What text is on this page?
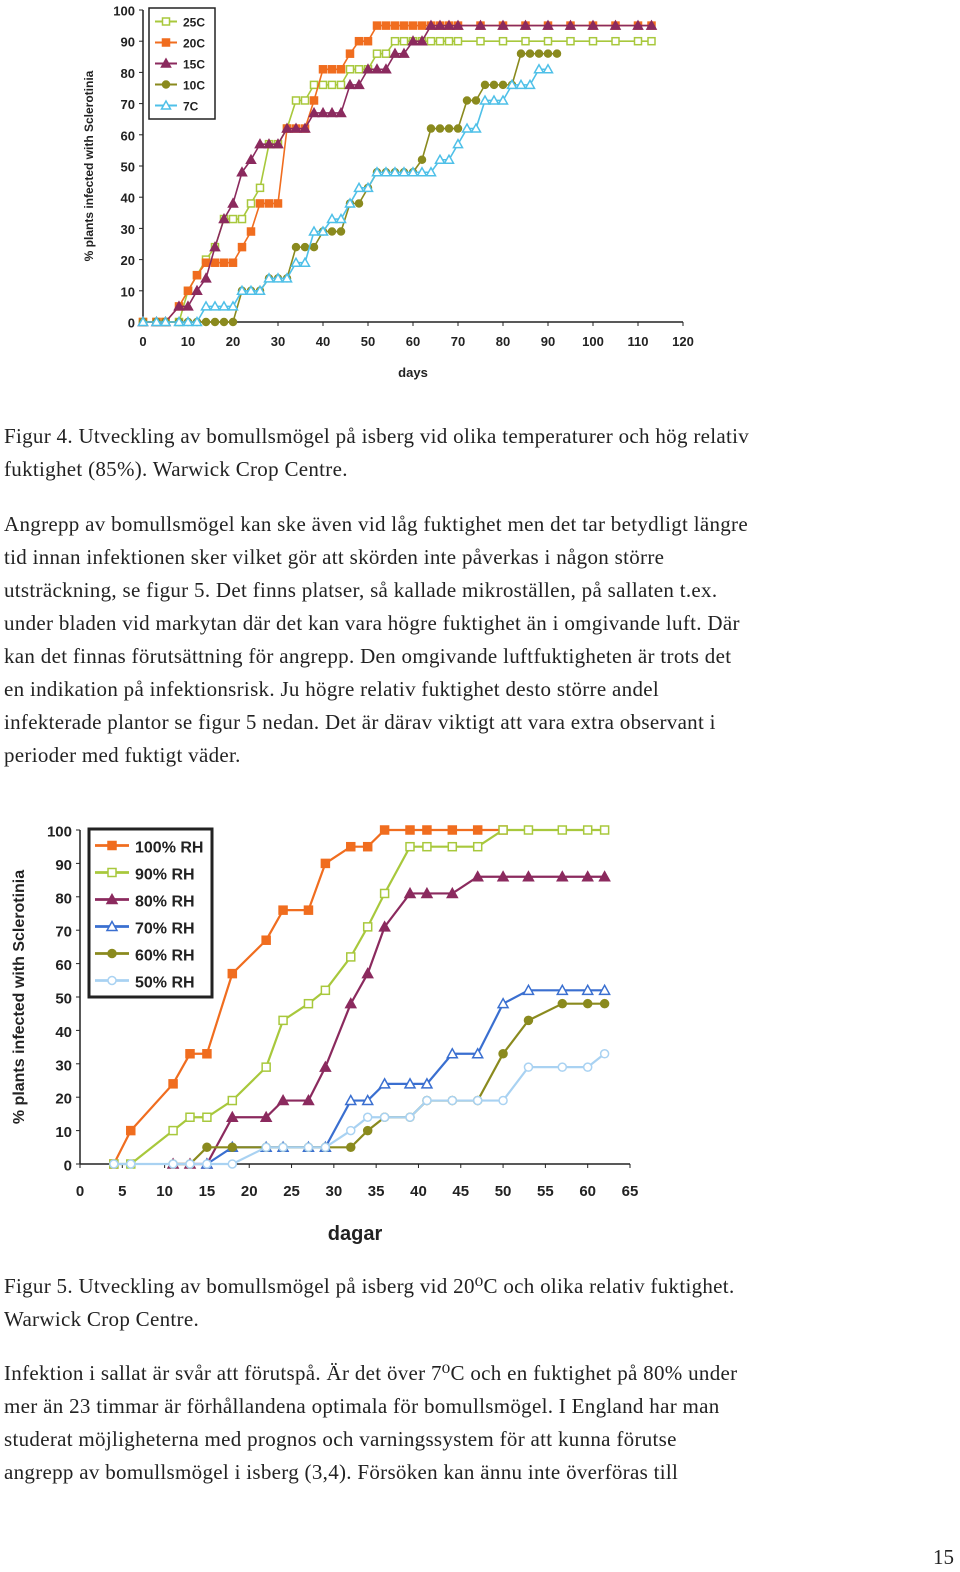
0
10
20
30
40
50
60
70
80
90
100
0	10 20 30 40 50 60 70 80 90 100 110 120
days
% plants infected with Sclerotinia
25C
20C
15C
10C
7C
Figur 4. Utveckling av bomullsmögel på isberg vid olika temperaturer och hög relativ
fuktighet (85%). Warwick Crop Centre.
Angrepp av bomullsmögel kan ske även vid låg fuktighet men det tar betydligt längre
tid innan infektionen sker vilket gör att skörden inte påverkas i någon större
utsträckning, se figur 5. Det finns platser, så kallade mikroställen, på sallaten t.ex.
under bladen vid markytan där det kan vara högre fuktighet än i omgivande luft. Där
kan det finnas förutsättning för angrepp. Den omgivande luftfuktigheten är trots det
en indikation på infektionsrisk. Ju högre relativ fuktighet desto större andel
infekterade plantor se figur 5 nedan. Det är därav viktigt att vara extra observant i
perioder med fuktigt väder.
0
10
20
30
40
50
60
70
80
90
100
0 5 10 15 20 25 30 35 40 45 50 55 60 65
dagar
% plants infected with Sclerotinia
100% RH
90% RH
80% RH
70% RH
60% RH
50% RH
Figur 5. Utveckling av bomullsmögel på isberg vid 20⁰C och olika relativ fuktighet.
Warwick Crop Centre.
Infektion i sallat är svår att förutspå. Är det över 7⁰C och en fuktighet på 80% under
mer än 23 timmar är förhållandena optimala för bomullsmögel. I England har man
studerat möjligheterna med prognos och varningssystem för att kunna förutse
angrepp av bomullsmögel i isberg (3,4). Försöken kan ännu inte överföras till
15
